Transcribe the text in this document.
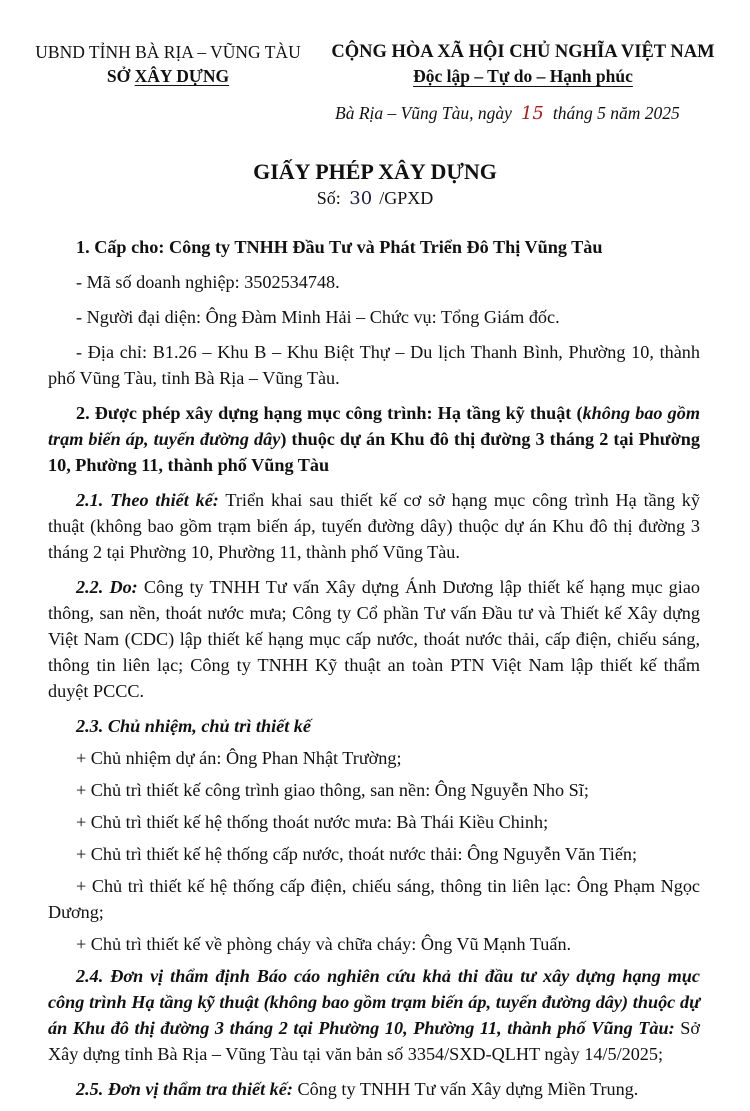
UBND TỈNH BÀ RỊA – VŨNG TÀU
SỞ XÂY DỰNG
CỘNG HÒA XÃ HỘI CHỦ NGHĨA VIỆT NAM
Độc lập – Tự do – Hạnh phúc
Bà Rịa – Vũng Tàu, ngày 15 tháng 5 năm 2025
GIẤY PHÉP XÂY DỰNG
Số: 30 /GPXD

1. Cấp cho: Công ty TNHH Đầu Tư và Phát Triển Đô Thị Vũng Tàu

- Mã số doanh nghiệp: 3502534748.

- Người đại diện: Ông Đàm Minh Hải – Chức vụ: Tổng Giám đốc.

- Địa chỉ: B1.26 – Khu B – Khu Biệt Thự – Du lịch Thanh Bình, Phường 10, thành phố Vũng Tàu, tỉnh Bà Rịa – Vũng Tàu.

2. Được phép xây dựng hạng mục công trình: Hạ tầng kỹ thuật (không bao gồm trạm biến áp, tuyến đường dây) thuộc dự án Khu đô thị đường 3 tháng 2 tại Phường 10, Phường 11, thành phố Vũng Tàu

2.1. Theo thiết kế: Triển khai sau thiết kế cơ sở hạng mục công trình Hạ tầng kỹ thuật (không bao gồm trạm biến áp, tuyến đường dây) thuộc dự án Khu đô thị đường 3 tháng 2 tại Phường 10, Phường 11, thành phố Vũng Tàu.

2.2. Do: Công ty TNHH Tư vấn Xây dựng Ánh Dương lập thiết kế hạng mục giao thông, san nền, thoát nước mưa; Công ty Cổ phần Tư vấn Đầu tư và Thiết kế Xây dựng Việt Nam (CDC) lập thiết kế hạng mục cấp nước, thoát nước thải, cấp điện, chiếu sáng, thông tin liên lạc; Công ty TNHH Kỹ thuật an toàn PTN Việt Nam lập thiết kế thẩm duyệt PCCC.

2.3. Chủ nhiệm, chủ trì thiết kế

+ Chủ nhiệm dự án: Ông Phan Nhật Trường;

+ Chủ trì thiết kế công trình giao thông, san nền: Ông Nguyễn Nho Sĩ;

+ Chủ trì thiết kế hệ thống thoát nước mưa: Bà Thái Kiều Chinh;

+ Chủ trì thiết kế hệ thống cấp nước, thoát nước thải: Ông Nguyễn Văn Tiến;

+ Chủ trì thiết kế hệ thống cấp điện, chiếu sáng, thông tin liên lạc: Ông Phạm Ngọc Dương;

+ Chủ trì thiết kế về phòng cháy và chữa cháy: Ông Vũ Mạnh Tuấn.

2.4. Đơn vị thẩm định Báo cáo nghiên cứu khả thi đầu tư xây dựng hạng mục công trình Hạ tầng kỹ thuật (không bao gồm trạm biến áp, tuyến đường dây) thuộc dự án Khu đô thị đường 3 tháng 2 tại Phường 10, Phường 11, thành phố Vũng Tàu: Sở Xây dựng tỉnh Bà Rịa – Vũng Tàu tại văn bản số 3354/SXD-QLHT ngày 14/5/2025;

2.5. Đơn vị thẩm tra thiết kế: Công ty TNHH Tư vấn Xây dựng Miền Trung.
